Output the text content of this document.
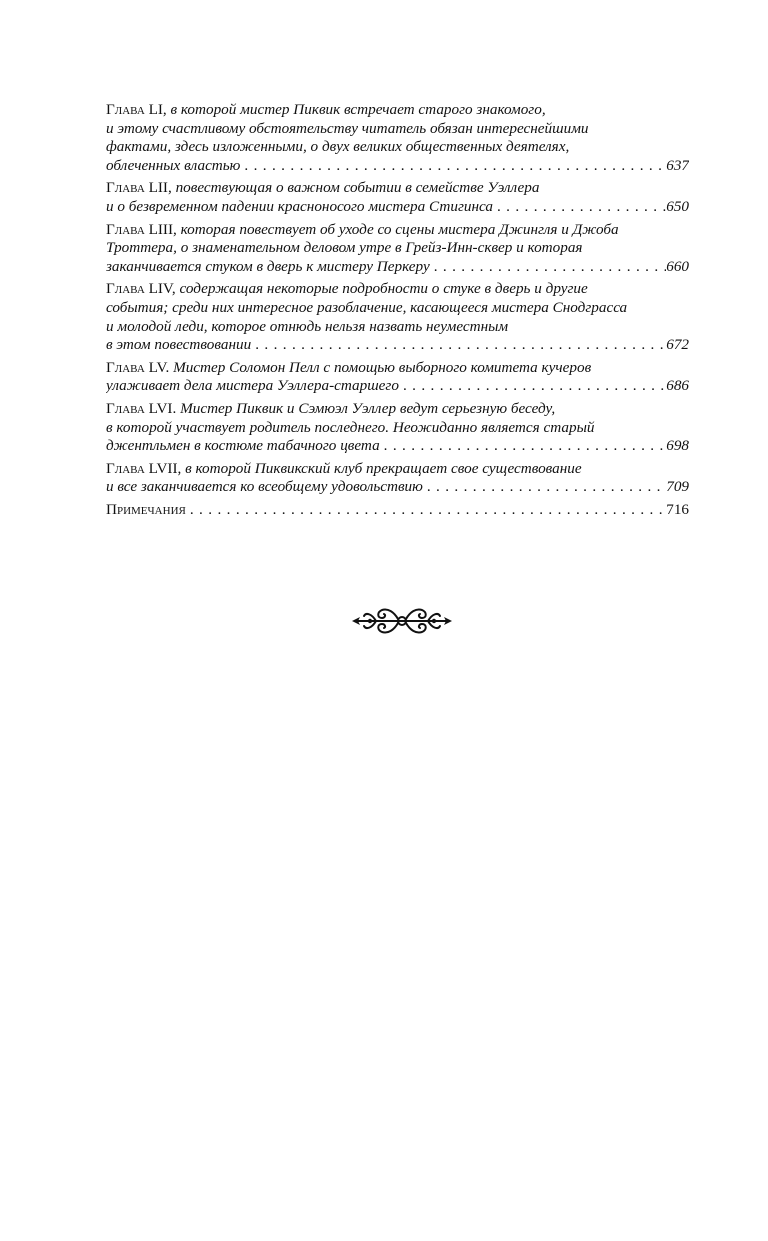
Глава LI, в которой мистер Пиквик встречает старого знакомого,
и этому счастливому обстоятельству читатель обязан интереснейшими
фактами, здесь изложенными, о двух великих общественных деятелях,
облеченных властью . . .	637
Глава LII, повествующая о важном событии в семействе Уэллера
и о безвременном падении красноносого мистера Стигинса . . .	650
Глава LIII, которая повествует об уходе со сцены мистера Джингля и Джоба
Троттера, о знаменательном деловом утре в Грейз-Инн-сквер и которая
заканчивается стуком в дверь к мистеру Перкеру . . .	660
Глава LIV, содержащая некоторые подробности о стуке в дверь и другие
события; среди них интересное разоблачение, касающееся мистера Снодграсса
и молодой леди, которое отнюдь нельзя назвать неуместным
в этом повествовании . . .	672
Глава LV. Мистер Соломон Пелл с помощью выборного комитета кучеров
улаживает дела мистера Уэллера-старшего . . .	686
Глава LVI. Мистер Пиквик и Сэмюэл Уэллер ведут серьезную беседу,
в которой участвует родитель последнего. Неожиданно является старый
джентльмен в костюме табачного цвета . . .	698
Глава LVII, в которой Пиквикский клуб прекращает свое существование
и все заканчивается ко всеобщему удовольствию . . .	709
Примечания . . .	716
